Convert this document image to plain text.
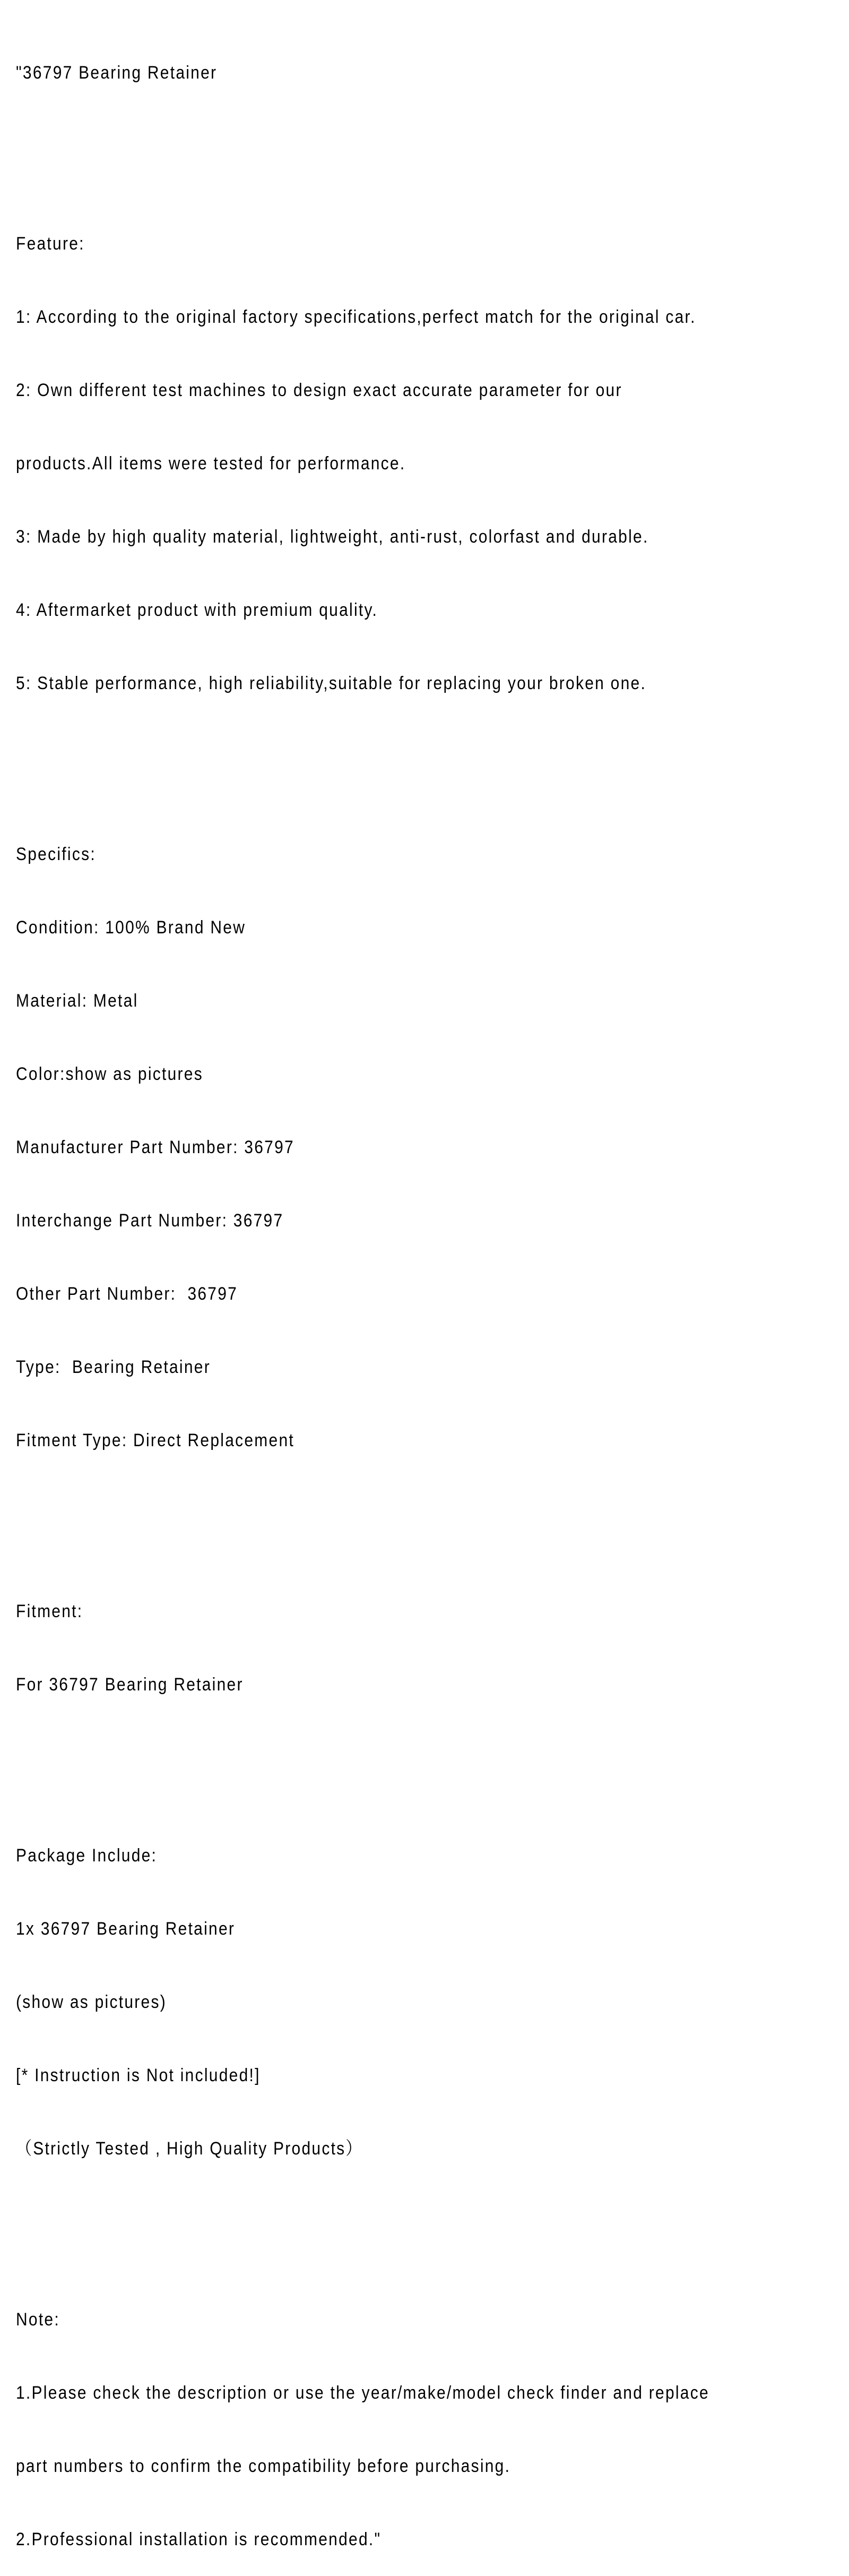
"36797 Bearing Retainer

Feature:

1: According to the original factory specifications,perfect match for the original car.

2: Own different test machines to design exact accurate parameter for our

products.All items were tested for performance.

3: Made by high quality material, lightweight, anti-rust, colorfast and durable.

4: Aftermarket product with premium quality.

5: Stable performance, high reliability,suitable for replacing your broken one.

Specifics:

Condition: 100% Brand New

Material: Metal

Color:show as pictures

Manufacturer Part Number: 36797

Interchange Part Number: 36797

Other Part Number:  36797

Type:  Bearing Retainer

Fitment Type: Direct Replacement

Fitment:

For 36797 Bearing Retainer

Package Include:

1x 36797 Bearing Retainer

(show as pictures)

[* Instruction is Not included!]

（Strictly Tested , High Quality Products）

Note:

1.Please check the description or use the year/make/model check finder and replace

part numbers to confirm the compatibility before purchasing.

2.Professional installation is recommended."
